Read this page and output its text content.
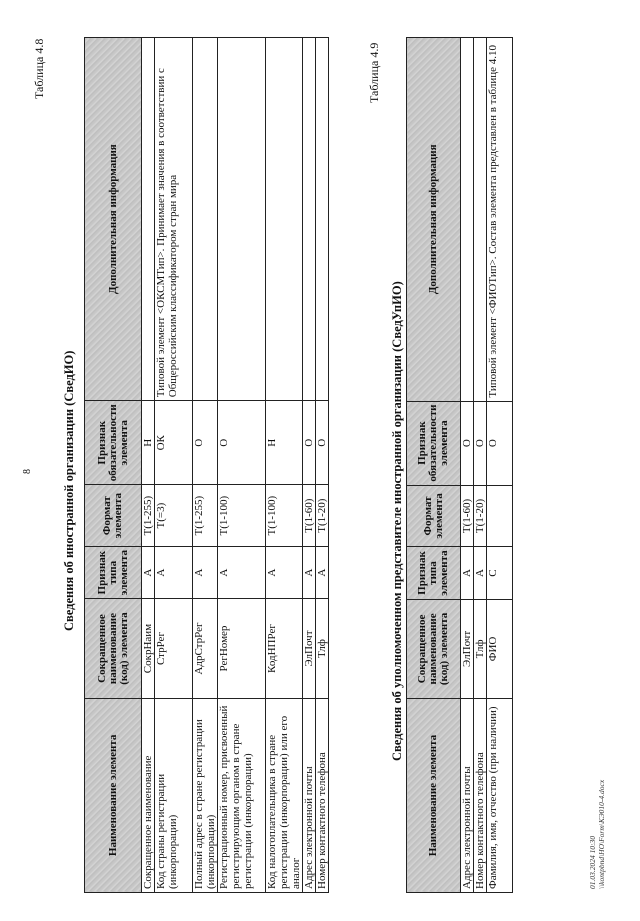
8
Таблица 4.8
Сведения об иностранной организации (СведИО)
Наименование элемента	Сокращенное наименование (код) элемента	Признак типа элемента	Формат элемента	Признак обязательности элемента	Дополнительная информация
Сокращенное наименование	СокрНаим	А	T(1-255)	Н	
Код страны регистрации (инкорпорации)	СтрРег	А	T(=3)	ОК	Типовой элемент <ОКСМТип>. Принимает значения в соответствии с Общероссийским классификатором стран мира
Полный адрес в стране регистрации (инкорпорации)	АдрСтрРег	А	T(1-255)	О	
Регистрационный номер, присвоенный регистрирующим органом в стране регистрации (инкорпорации)	РегНомер	А	T(1-100)	О	
Код налогоплательщика в стране регистрации (инкорпорации) или его аналог	КодНПРег	А	T(1-100)	Н	
Адрес электронной почты	ЭлПочт	А	T(1-60)	О	
Номер контактного телефона	Тлф	А	T(1-20)	О	
Таблица 4.9
Сведения об уполномоченном представителе иностранной организации (СведУпИО)
Наименование элемента	Сокращенное наименование (код) элемента	Признак типа элемента	Формат элемента	Признак обязательности элемента	Дополнительная информация
Адрес электронной почты	ЭлПочт	А	T(1-60)	О	
Номер контактного телефона	Тлф	А	T(1-20)	О	
Фамилия, имя, отчество (при наличии)	ФИО	С		О	Типовой элемент <ФИОТип>. Состав элемента представлен в таблице 4.10
01.03.2024 10:30 \\kontpbnd\НО\Form\КЭ010-4.docx
